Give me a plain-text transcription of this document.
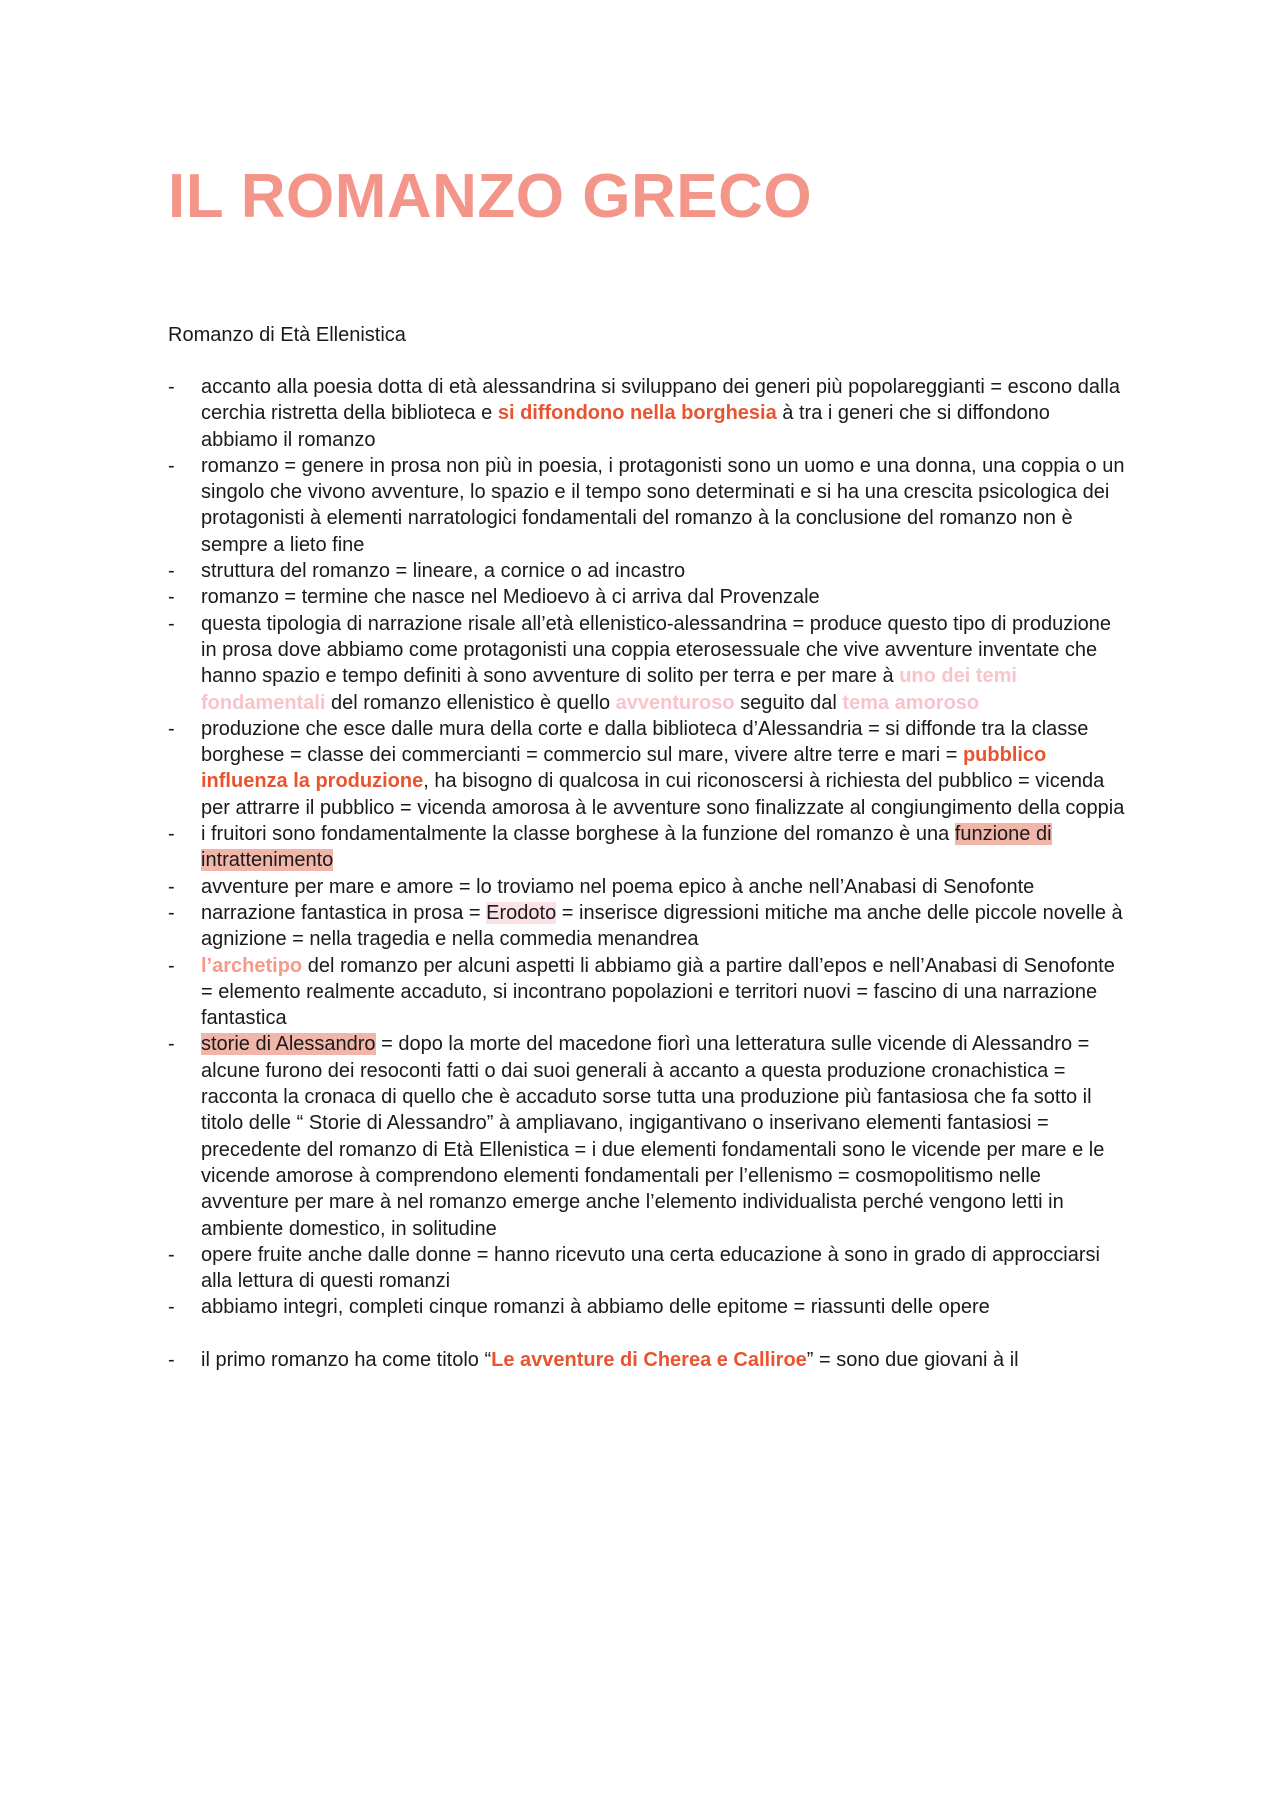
IL ROMANZO GRECO

Romanzo di Età Ellenistica

- accanto alla poesia dotta di età alessandrina si sviluppano dei generi più popolareggianti = escono dalla cerchia ristretta della biblioteca e si diffondono nella borghesia à tra i generi che si diffondono abbiamo il romanzo
- romanzo = genere in prosa non più in poesia, i protagonisti sono un uomo e una donna, una coppia o un singolo che vivono avventure, lo spazio e il tempo sono determinati e si ha una crescita psicologica dei protagonisti à elementi narratologici fondamentali del romanzo à la conclusione del romanzo non è sempre a lieto fine
- struttura del romanzo = lineare, a cornice o ad incastro
- romanzo = termine che nasce nel Medioevo à ci arriva dal Provenzale
- questa tipologia di narrazione risale all’età ellenistico-alessandrina = produce questo tipo di produzione in prosa dove abbiamo come protagonisti una coppia eterosessuale che vive avventure inventate che hanno spazio e tempo definiti à sono avventure di solito per terra e per mare à uno dei temi fondamentali del romanzo ellenistico è quello avventuroso seguito dal tema amoroso
- produzione che esce dalle mura della corte e dalla biblioteca d’Alessandria = si diffonde tra la classe borghese = classe dei commercianti = commercio sul mare, vivere altre terre e mari = pubblico influenza la produzione, ha bisogno di qualcosa in cui riconoscersi à richiesta del pubblico = vicenda per attrarre il pubblico = vicenda amorosa à le avventure sono finalizzate al congiungimento della coppia
- i fruitori sono fondamentalmente la classe borghese à la funzione del romanzo è una funzione di intrattenimento
- avventure per mare e amore = lo troviamo nel poema epico à anche nell’Anabasi di Senofonte
- narrazione fantastica in prosa = Erodoto = inserisce digressioni mitiche ma anche delle piccole novelle à agnizione = nella tragedia e nella commedia menandrea
- l’archetipo del romanzo per alcuni aspetti li abbiamo già a partire dall’epos e nell’Anabasi di Senofonte = elemento realmente accaduto, si incontrano popolazioni e territori nuovi = fascino di una narrazione fantastica
- storie di Alessandro = dopo la morte del macedone fiorì una letteratura sulle vicende di Alessandro = alcune furono dei resoconti fatti o dai suoi generali à accanto a questa produzione cronachistica = racconta la cronaca di quello che è accaduto sorse tutta una produzione più fantasiosa che fa sotto il titolo delle “ Storie di Alessandro” à ampliavano, ingigantivano o inserivano elementi fantasiosi = precedente del romanzo di Età Ellenistica = i due elementi fondamentali sono le vicende per mare e le vicende amorose à comprendono elementi fondamentali per l’ellenismo = cosmopolitismo nelle avventure per mare à nel romanzo emerge anche l’elemento individualista perché vengono letti in ambiente domestico, in solitudine
- opere fruite anche dalle donne = hanno ricevuto una certa educazione à sono in grado di approcciarsi alla lettura di questi romanzi
- abbiamo integri, completi cinque romanzi à abbiamo delle epitome = riassunti delle opere
- il primo romanzo ha come titolo “Le avventure di Cherea e Calliroe” = sono due giovani à il
